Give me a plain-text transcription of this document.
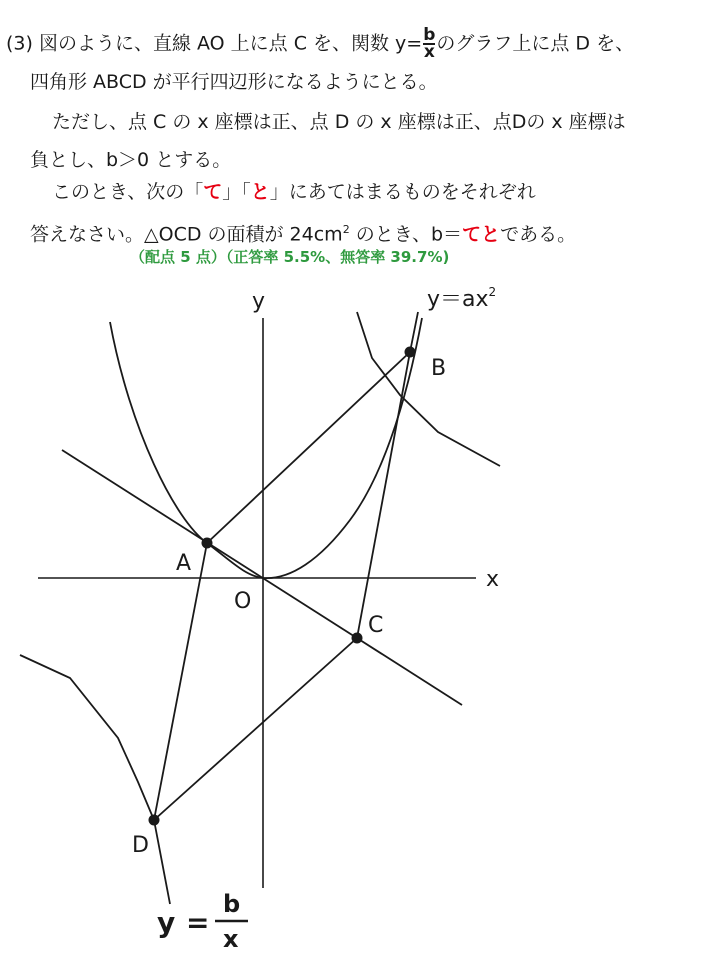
(3) 図のように、直線 AO 上に点 C を、関数 $y= \frac{b}{x}$ のグラフ上に点 D を、
四角形 ABCD が平行四辺形になるようにとる。
ただし、点 C の x 座標は正、点 D の x 座標は正、点Dの x 座標は
負とし、b＞0 とする。
このとき、次の「て」「と」にあてはまるものをそれぞれ
答えなさい。△OCD の面積が $24cm^2$ のとき、b＝てとである。
（配点 5 点）（正答率 5.5%、無答率 39.7%)
y
x
O
$y=ax^2$
A
B
C
D
y =
b
x
